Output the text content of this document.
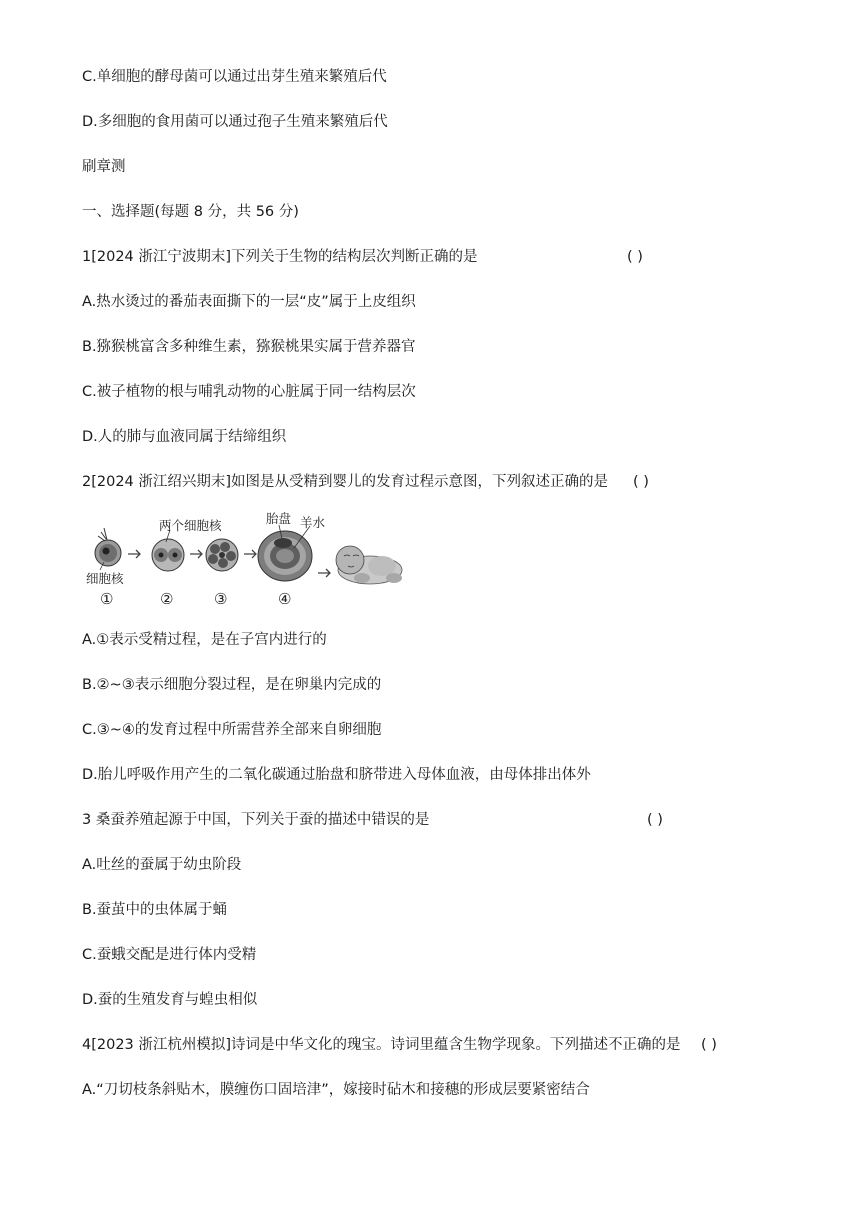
C.单细胞的酵母菌可以通过出芽生殖来繁殖后代
D.多细胞的食用菌可以通过孢子生殖来繁殖后代
刷章测
一、选择题(每题 8 分，共 56 分)
1[2024 浙江宁波期末]下列关于生物的结构层次判断正确的是	( )
A.热水烫过的番茄表面撕下的一层“皮”属于上皮组织
B.猕猴桃富含多种维生素，猕猴桃果实属于营养器官
C.被子植物的根与哺乳动物的心脏属于同一结构层次
D.人的肺与血液同属于结缔组织
2[2024 浙江绍兴期末]如图是从受精到婴儿的发育过程示意图，下列叙述正确的是 ( )
细胞核
①
两个细胞核
②	③
胎盘 羊水
④
A.①表示受精过程，是在子宫内进行的
B.②~③表示细胞分裂过程，是在卵巢内完成的
C.③~④的发育过程中所需营养全部来自卵细胞
D.胎儿呼吸作用产生的二氧化碳通过胎盘和脐带进入母体血液，由母体排出体外
3 桑蚕养殖起源于中国，下列关于蚕的描述中错误的是	( )
A.吐丝的蚕属于幼虫阶段
B.蚕茧中的虫体属于蛹
C.蚕蛾交配是进行体内受精
D.蚕的生殖发育与蝗虫相似
4[2023 浙江杭州模拟]诗词是中华文化的瑰宝。诗词里蕴含生物学现象。下列描述不正确的是 ( )
A.“刀切枝条斜贴木，膜缠伤口固培津”，嫁接时砧木和接穗的形成层要紧密结合
